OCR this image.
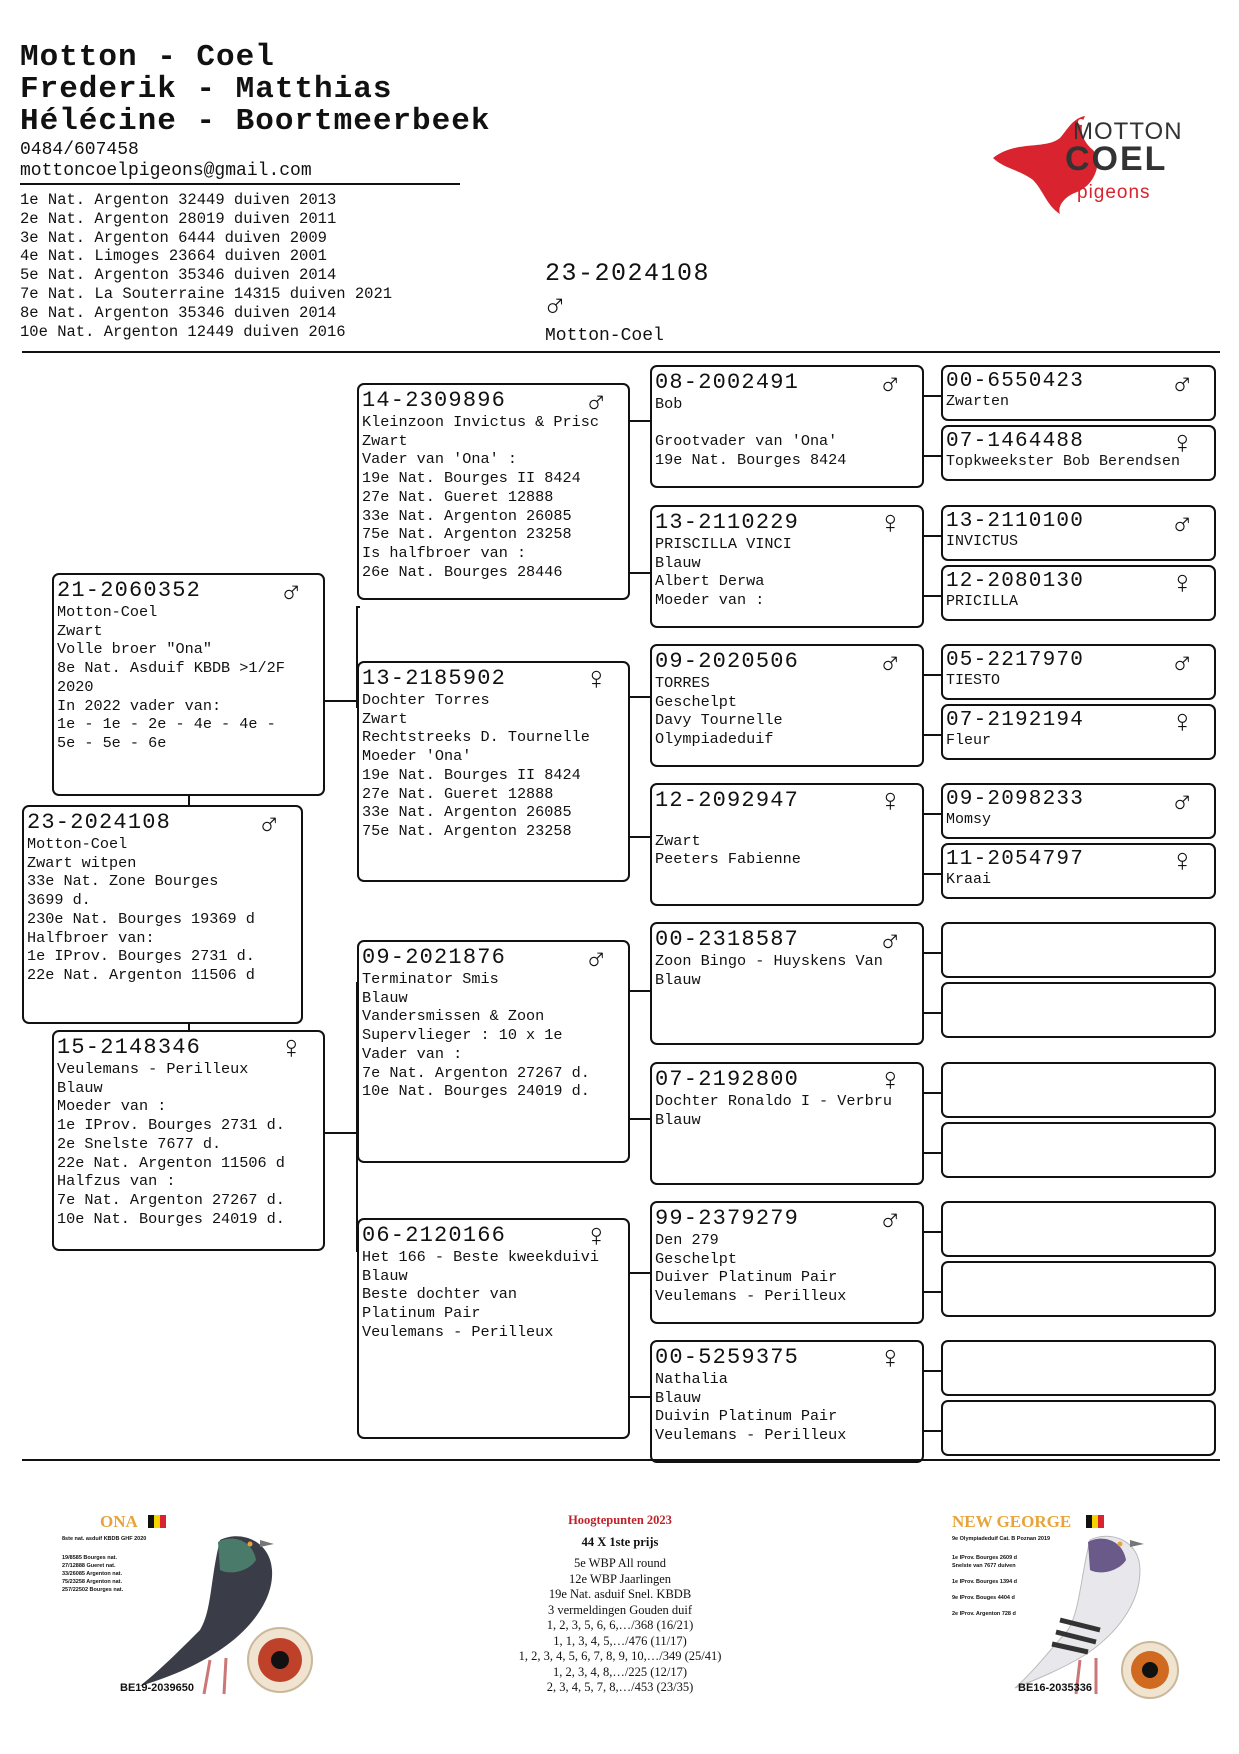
Motton - Coel
Frederik - Matthias
Hélécine - Boortmeerbeek
0484/607458
mottoncoelpigeons@gmail.com
1e Nat. Argenton 32449 duiven 2013
2e Nat. Argenton 28019 duiven 2011
3e Nat. Argenton 6444 duiven 2009
4e Nat. Limoges 23664 duiven 2001
5e Nat. Argenton 35346 duiven 2014
7e Nat. La Souterraine 14315 duiven 2021
8e Nat. Argenton 35346 duiven 2014
10e Nat. Argenton 12449 duiven 2016
MOTTON
COEL
pigeons
23-2024108
♂
Motton-Coel
21-2060352	♂
Motton-Coel
Zwart
Volle broer "Ona"
8e Nat. Asduif KBDB >1/2F
2020
In 2022 vader van:
1e - 1e - 2e - 4e - 4e -
5e - 5e - 6e
23-2024108	♂
Motton-Coel
Zwart witpen
33e Nat. Zone Bourges
3699 d.
230e Nat. Bourges 19369 d
Halfbroer van:
1e IProv. Bourges 2731 d.
22e Nat. Argenton 11506 d
15-2148346	♀
Veulemans - Perilleux
Blauw
Moeder van :
1e IProv. Bourges 2731 d.
2e Snelste 7677 d.
22e Nat. Argenton 11506 d
Halfzus van :
7e Nat. Argenton 27267 d.
10e Nat. Bourges 24019 d.
14-2309896	♂
Kleinzoon Invictus & Prisc
Zwart
Vader van 'Ona' :
19e Nat. Bourges II 8424
27e Nat. Gueret 12888
33e Nat. Argenton 26085
75e Nat. Argenton 23258
Is halfbroer van :
26e Nat. Bourges 28446
13-2185902	♀
Dochter Torres
Zwart
Rechtstreeks D. Tournelle
Moeder 'Ona'
19e Nat. Bourges II 8424
27e Nat. Gueret 12888
33e Nat. Argenton 26085
75e Nat. Argenton 23258
09-2021876	♂
Terminator Smis
Blauw
Vandersmissen & Zoon
Supervlieger : 10 x 1e
Vader van :
7e Nat. Argenton 27267 d.
10e Nat. Bourges 24019 d.
06-2120166	♀
Het 166 - Beste kweekduivi
Blauw
Beste dochter van
Platinum Pair
Veulemans - Perilleux
08-2002491	♂
Bob

Grootvader van 'Ona'
19e Nat. Bourges 8424
13-2110229	♀
PRISCILLA VINCI
Blauw
Albert Derwa
Moeder van :
09-2020506	♂
TORRES
Geschelpt
Davy Tournelle
Olympiadeduif
12-2092947	♀

Zwart
Peeters Fabienne
00-2318587	♂
Zoon Bingo - Huyskens Van
Blauw
07-2192800	♀
Dochter Ronaldo I - Verbru
Blauw
99-2379279	♂
Den 279
Geschelpt
Duiver Platinum Pair
Veulemans - Perilleux
00-5259375	♀
Nathalia
Blauw
Duivin Platinum Pair
Veulemans - Perilleux
00-6550423	♂
Zwarten
07-1464488	♀
Topkweekster Bob Berendsen
13-2110100	♂
INVICTUS
12-2080130	♀
PRICILLA
05-2217970	♂
TIESTO
07-2192194	♀
Fleur
09-2098233	♂
Momsy
11-2054797	♀
Kraai
ONA
8ste nat. asduif KBDB GHF 2020
19/8585 Bourges nat.
27/12888 Gueret nat.
33/26085 Argenton nat.
75/23258 Argenton nat.
257/22502 Bourges nat.
BE19-2039650
Hoogtepunten 2023
44 X 1ste prijs
5e WBP All round
12e WBP Jaarlingen
19e Nat. asduif Snel. KBDB
3 vermeldingen Gouden duif
1, 2, 3, 5, 6, 6,…/368 (16/21)
1, 1, 3, 4, 5,…/476 (11/17)
1, 2, 3, 4, 5, 6, 7, 8, 9, 10,…/349 (25/41)
1, 2, 3, 4, 8,…/225 (12/17)
2, 3, 4, 5, 7, 8,…/453 (23/35)
NEW GEORGE
9e Olympiadeduif Cat. B Poznan 2019
1e IProv. Bourges 2609 d
Snelste van 7677 duiven

1e IProv. Bourges 1394 d

9e IProv. Bouges 4404 d

2e IProv. Argenton 728 d
BE16-2035336
